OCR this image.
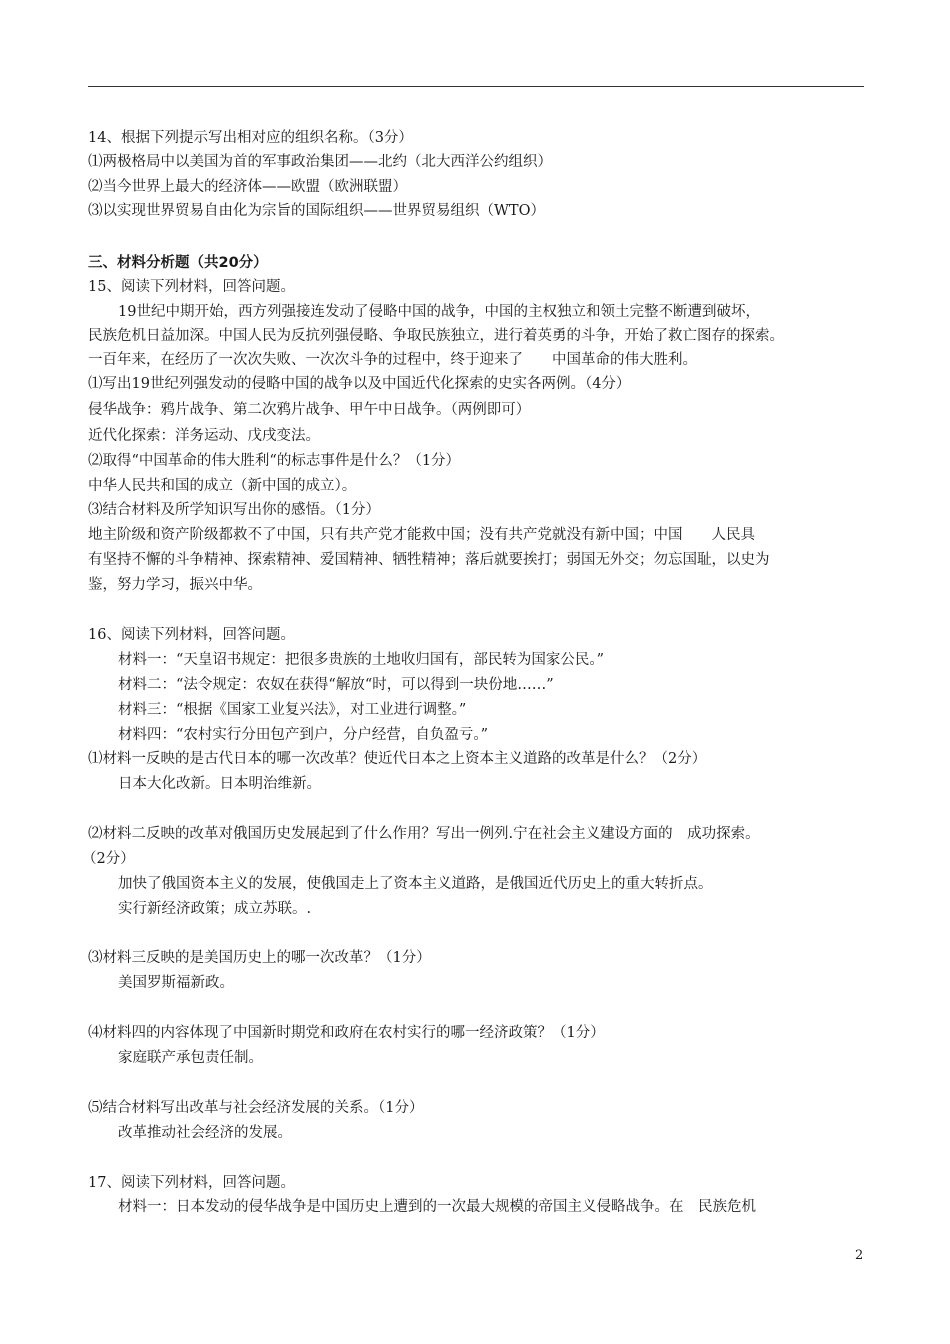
14、根据下列提示写出相对应的组织名称。（3分）
⑴两极格局中以美国为首的军事政治集团——北约（北大西洋公约组织）
⑵当今世界上最大的经济体——欧盟（欧洲联盟）
⑶以实现世界贸易自由化为宗旨的国际组织——世界贸易组织（WTO）
三、材料分析题（共20分）
15、阅读下列材料，回答问题。
19世纪中期开始，西方列强接连发动了侵略中国的战争，中国的主权独立和领土完整不断遭到破坏，
民族危机日益加深。中国人民为反抗列强侵略、争取民族独立，进行着英勇的斗争，开始了救亡图存的探索。
一百年来，在经历了一次次失败、一次次斗争的过程中，终于迎来了　　中国革命的伟大胜利。
⑴写出19世纪列强发动的侵略中国的战争以及中国近代化探索的史实各两例。（4分）
侵华战争：鸦片战争、第二次鸦片战争、甲午中日战争。（两例即可）
近代化探索：洋务运动、戊戌变法。
⑵取得“中国革命的伟大胜利“的标志事件是什么？（1分）
中华人民共和国的成立（新中国的成立）。
⑶结合材料及所学知识写出你的感悟。（1分）
地主阶级和资产阶级都救不了中国，只有共产党才能救中国；没有共产党就没有新中国；中国　　人民具
有坚持不懈的斗争精神、探索精神、爱国精神、牺牲精神；落后就要挨打；弱国无外交；勿忘国耻，以史为
鉴，努力学习，振兴中华。
16、阅读下列材料，回答问题。
材料一：“天皇诏书规定：把很多贵族的土地收归国有，部民转为国家公民。”
材料二：“法令规定：农奴在获得“解放“时，可以得到一块份地……”
材料三：“根据《国家工业复兴法》，对工业进行调整。”
材料四：“农村实行分田包产到户，分户经营，自负盈亏。”
⑴材料一反映的是古代日本的哪一次改革？使近代日本之上资本主义道路的改革是什么？（2分）
日本大化改新。日本明治维新。
⑵材料二反映的改革对俄国历史发展起到了什么作用？写出一例列.宁在社会主义建设方面的　成功探索。
（2分）
加快了俄国资本主义的发展，使俄国走上了资本主义道路，是俄国近代历史上的重大转折点。
实行新经济政策；成立苏联。.
⑶材料三反映的是美国历史上的哪一次改革？（1分）
美国罗斯福新政。
⑷材料四的内容体现了中国新时期党和政府在农村实行的哪一经济政策？（1分）
家庭联产承包责任制。
⑸结合材料写出改革与社会经济发展的关系。（1分）
改革推动社会经济的发展。
17、阅读下列材料，回答问题。
材料一：日本发动的侵华战争是中国历史上遭到的一次最大规模的帝国主义侵略战争。在　民族危机
2
